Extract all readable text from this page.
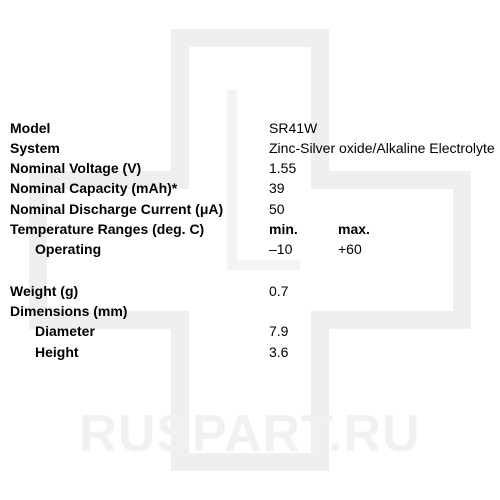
RUSPART.RU
Model	SR41W
System	Zinc-Silver oxide/Alkaline Electrolyte
Nominal Voltage (V)	1.55
Nominal Capacity (mAh)*	39
Nominal Discharge Current (μA)	50
Temperature Ranges (deg. C)	min.	max.
Operating	–10	+60
Weight (g)	0.7
Dimensions (mm)
Diameter	7.9
Height	3.6
